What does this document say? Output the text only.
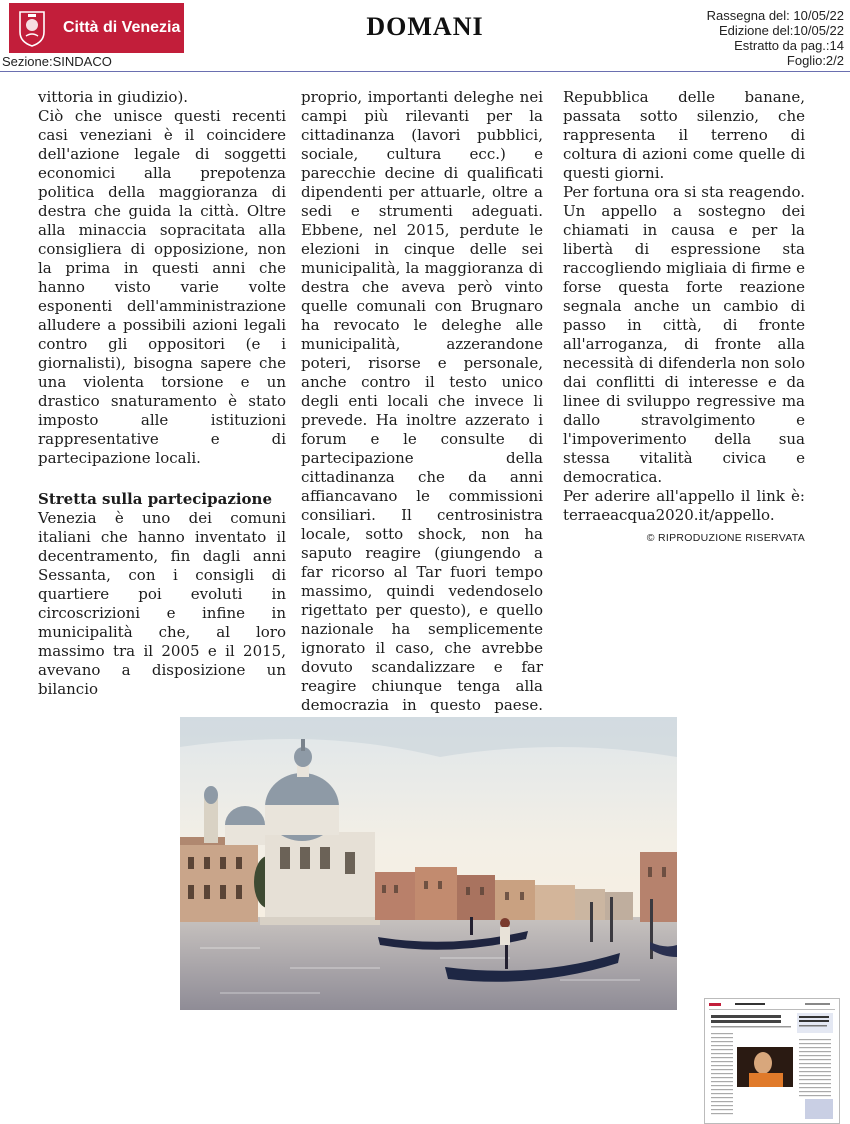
Città di Venezia	DOMANI	Rassegna del: 10/05/22
Edizione del:10/05/22
Estratto da pag.:14
Foglio:2/2
Sezione:SINDACO

vittoria in giudizio).

Ciò che unisce questi recenti casi veneziani è il coincidere dell'azione legale di soggetti economici alla prepotenza politica della maggioranza di destra che guida la città. Oltre alla minaccia sopracitata alla consigliera di opposizione, non la prima in questi anni che hanno visto varie volte esponenti dell'amministrazione alludere a possibili azioni legali contro gli oppositori (e i giornalisti), bisogna sapere che una violenta torsione e un drastico snaturamento è stato imposto alle istituzioni rappresentative e di partecipazione locali.

Stretta sulla partecipazione

Venezia è uno dei comuni italiani che hanno inventato il decentramento, fin dagli anni Sessanta, con i consigli di quartiere poi evoluti in circoscrizioni e infine in municipalità che, al loro massimo tra il 2005 e il 2015, avevano a disposizione un bilancio

proprio, importanti deleghe nei campi più rilevanti per la cittadinanza (lavori pubblici, sociale, cultura ecc.) e parecchie decine di qualificati dipendenti per attuarle, oltre a sedi e strumenti adeguati. Ebbene, nel 2015, perdute le elezioni in cinque delle sei municipalità, la maggioranza di destra che aveva però vinto quelle comunali con Brugnaro ha revocato le deleghe alle municipalità, azzerandone poteri, risorse e personale, anche contro il testo unico degli enti locali che invece li prevede. Ha inoltre azzerato i forum e le consulte di partecipazione della cittadinanza che da anni affiancavano le commissioni consiliari. Il centrosinistra locale, sotto shock, non ha saputo reagire (giungendo a far ricorso al Tar fuori tempo massimo, quindi vedendoselo rigettato per questo), e quello nazionale ha semplicemente ignorato il caso, che avrebbe dovuto scandalizzare e far reagire chiunque tenga alla democrazia in questo paese.

Repubblica delle banane, passata sotto silenzio, che rappresenta il terreno di coltura di azioni come quelle di questi giorni.

Per fortuna ora si sta reagendo. Un appello a sostegno dei chiamati in causa e per la libertà di espressione sta raccogliendo migliaia di firme e forse questa forte reazione segnala anche un cambio di passo in città, di fronte all'arroganza, di fronte alla necessità di difenderla non solo dai conflitti di interesse e da linee di sviluppo regressive ma dallo stravolgimento e l'impoverimento della sua stessa vitalità civica e democratica.

Per aderire all'appello il link è: terraeacqua2020.it/appello.

© RIPRODUZIONE RISERVATA
